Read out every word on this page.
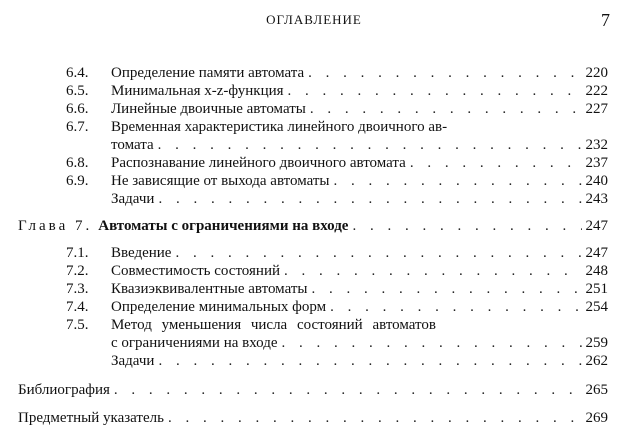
ОГЛАВЛЕНИЕ	7
6.4.	Определение памяти автомата . . .	220
6.5.	Минимальная x-z-функция . . .	222
6.6.	Линейные двоичные автоматы . . .	227
6.7.	Временная характеристика линейного двоичного ав-
томата . . .	232
6.8.	Распознавание линейного двоичного автомата . . .	237
6.9.	Не зависящие от выхода автоматы . . .	240
Задачи . . .	243
Глава 7. Автоматы с ограничениями на входе . . .	247
7.1.	Введение . . .	247
7.2.	Совместимость состояний . . .	248
7.3.	Квазиэквивалентные автоматы . . .	251
7.4.	Определение минимальных форм . . .	254
7.5.	Метод уменьшения числа состояний автоматов
с ограничениями на входе . . .	259
Задачи . . .	262
Библиография . . .	265
Предметный указатель . . .	269
